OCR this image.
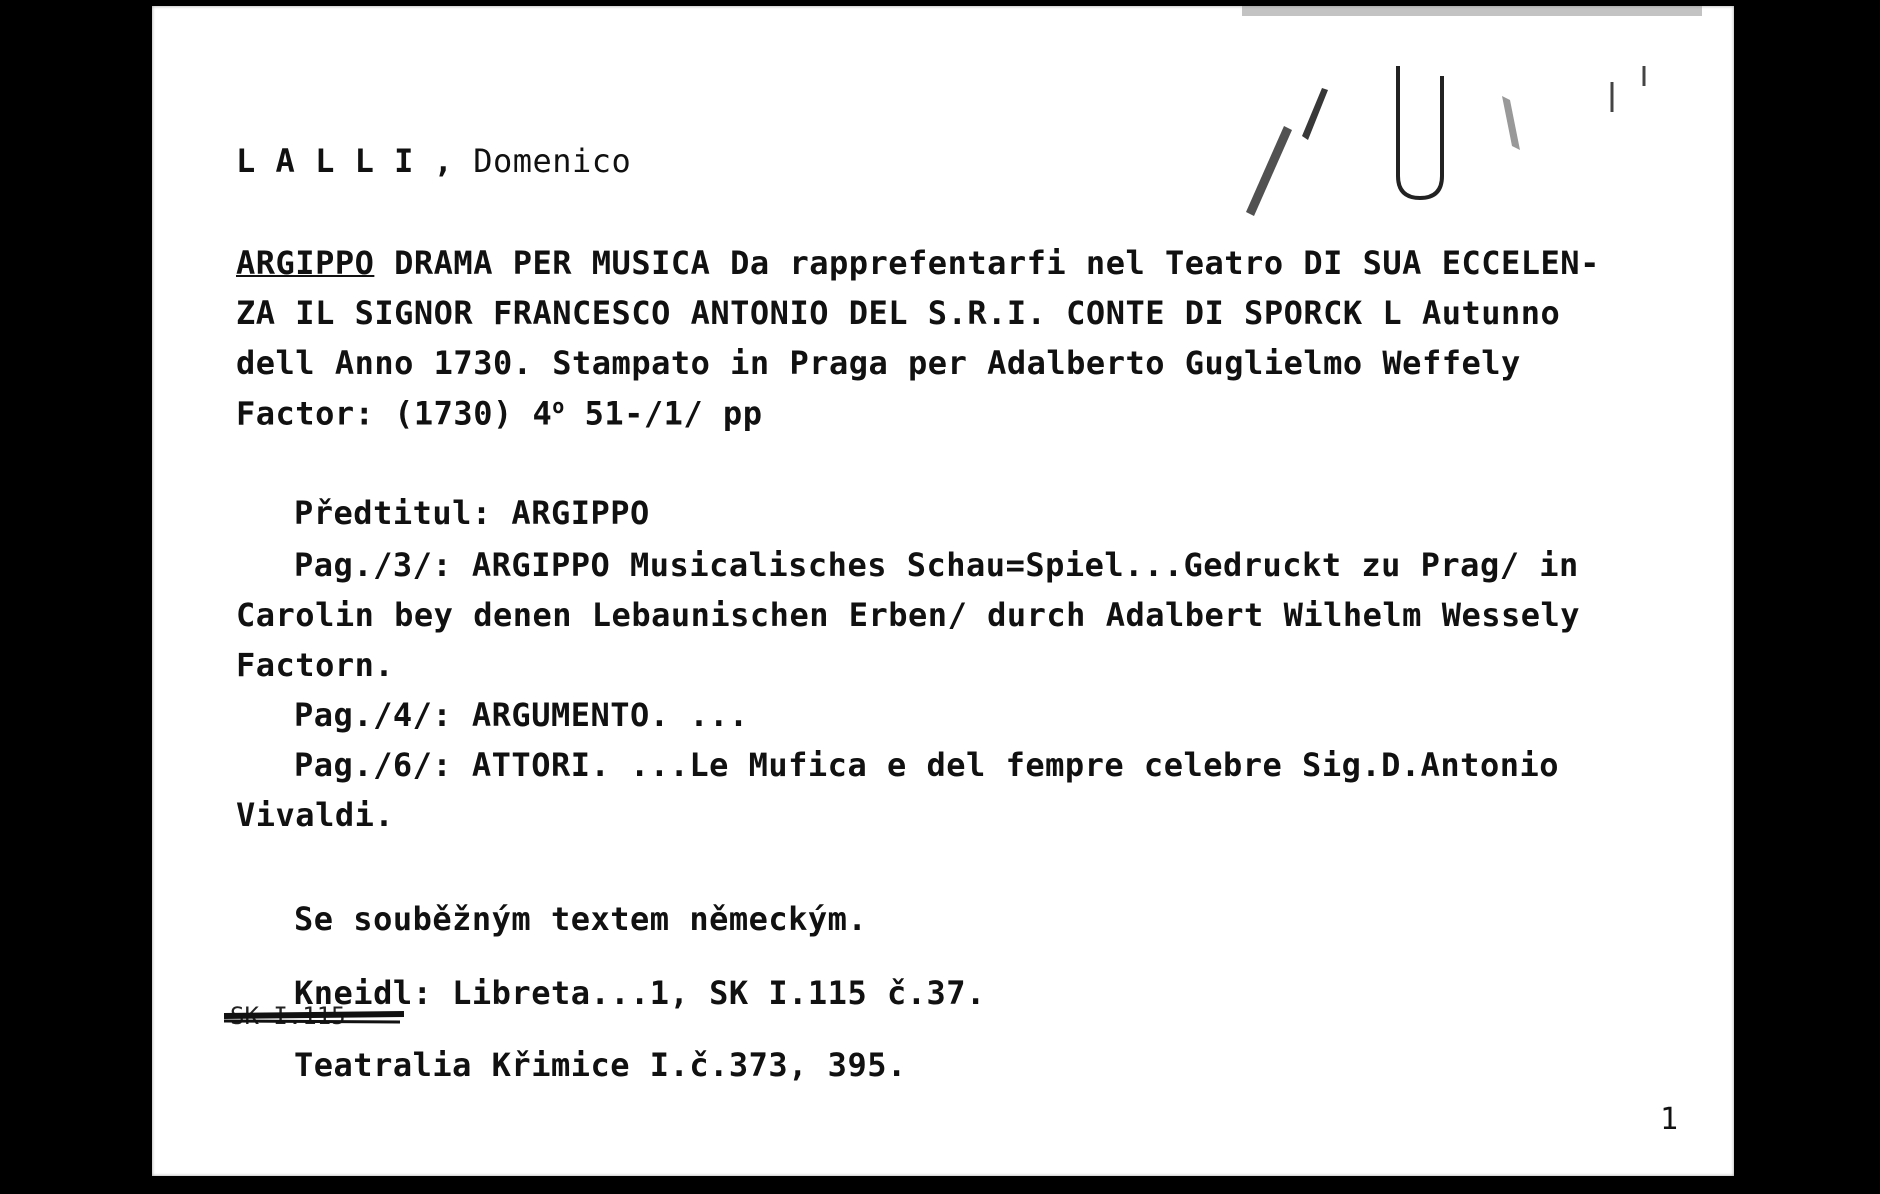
L A L L I , Domenico
ARGIPPO DRAMA PER MUSICA Da rapprefentarfi nel Teatro DI SUA ECCELEN-
ZA IL SIGNOR FRANCESCO ANTONIO DEL S.R.I. CONTE DI SPORCK L Autunno
dell Anno 1730. Stampato in Praga per Adalberto Guglielmo Weffely
Factor: (1730) 4$^o$ 51-/1/ pp
Předtitul: ARGIPPO
Pag./3/: ARGIPPO Musicalisches Schau=Spiel...Gedruckt zu Prag/ in
Carolin bey denen Lebaunischen Erben/ durch Adalbert Wilhelm Wessely
Factorn.
Pag./4/: ARGUMENTO. ...
Pag./6/: ATTORI. ...Le Mufica e del fempre celebre Sig.D.Antonio
Vivaldi.
Se souběžným textem německým.
Kneidl: Libreta...1, SK I.115 č.37.
Teatralia Křimice I.č.373, 395.
1
